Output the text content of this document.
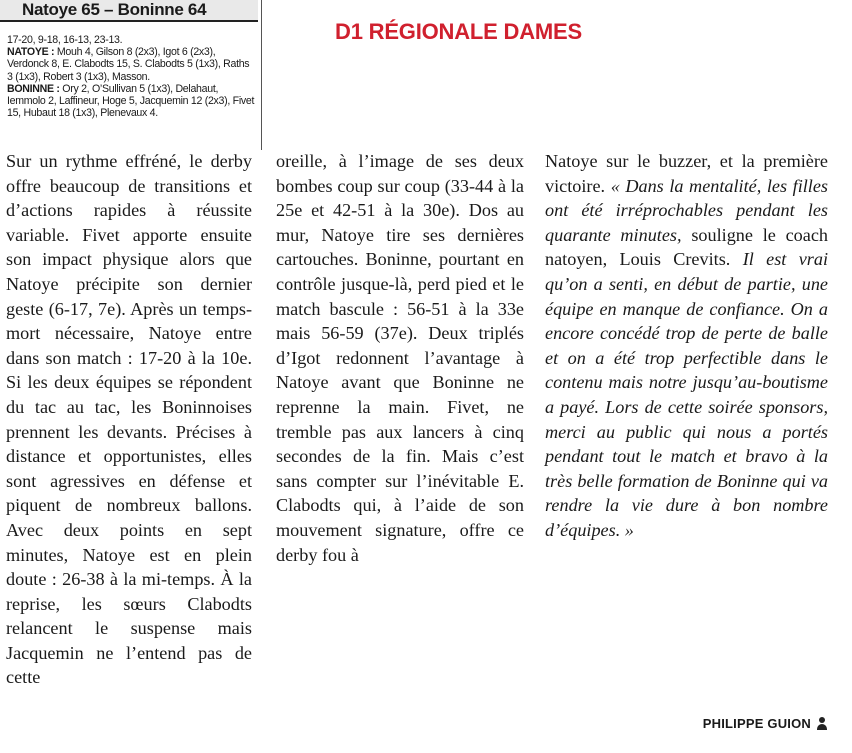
Natoye 65 – Boninne 64
D1 RÉGIONALE DAMES
17-20, 9-18, 16-13, 23-13.
NATOYE : Mouh 4, Gilson 8 (2x3), Igot 6 (2x3), Verdonck 8, E. Clabodts 15, S. Clabodts 5 (1x3), Raths 3 (1x3), Robert 3 (1x3), Masson.
BONINNE : Ory 2, O’Sullivan 5 (1x3), Delahaut, Iemmolo 2, Laffineur, Hoge 5, Jacquemin 12 (2x3), Fivet 15, Hubaut 18 (1x3), Plenevaux 4.
Sur un rythme effréné, le derby offre beaucoup de transitions et d’actions rapides à réussite variable. Fivet apporte ensuite son impact physique alors que Natoye précipite son dernier geste (6-17, 7e). Après un temps-mort nécessaire, Natoye entre dans son match : 17-20 à la 10e. Si les deux équipes se répondent du tac au tac, les Boninnoises prennent les devants. Précises à distance et opportunistes, elles sont agressives en défense et piquent de nombreux ballons. Avec deux points en sept minutes, Natoye est en plein doute : 26-38 à la mi-temps. À la reprise, les sœurs Clabodts relancent le suspense mais Jacquemin ne l’entend pas de cette
oreille, à l’image de ses deux bombes coup sur coup (33-44 à la 25e et 42-51 à la 30e). Dos au mur, Natoye tire ses dernières cartouches. Boninne, pourtant en contrôle jusque-là, perd pied et le match bascule : 56-51 à la 33e mais 56-59 (37e). Deux triplés d’Igot redonnent l’avantage à Natoye avant que Boninne ne reprenne la main. Fivet, ne tremble pas aux lancers à cinq secondes de la fin. Mais c’est sans compter sur l’inévitable E. Clabodts qui, à l’aide de son mouvement signature, offre ce derby fou à
Natoye sur le buzzer, et la première victoire. « Dans la mentalité, les filles ont été irréprochables pendant les quarante minutes, souligne le coach natoyen, Louis Crevits. Il est vrai qu’on a senti, en début de partie, une équipe en manque de confiance. On a encore concédé trop de perte de balle et on a été trop perfectible dans le contenu mais notre jusqu’au-boutisme a payé. Lors de cette soirée sponsors, merci au public qui nous a portés pendant tout le match et bravo à la très belle formation de Boninne qui va rendre la vie dure à bon nombre d’équipes. »
PHILIPPE GUION
